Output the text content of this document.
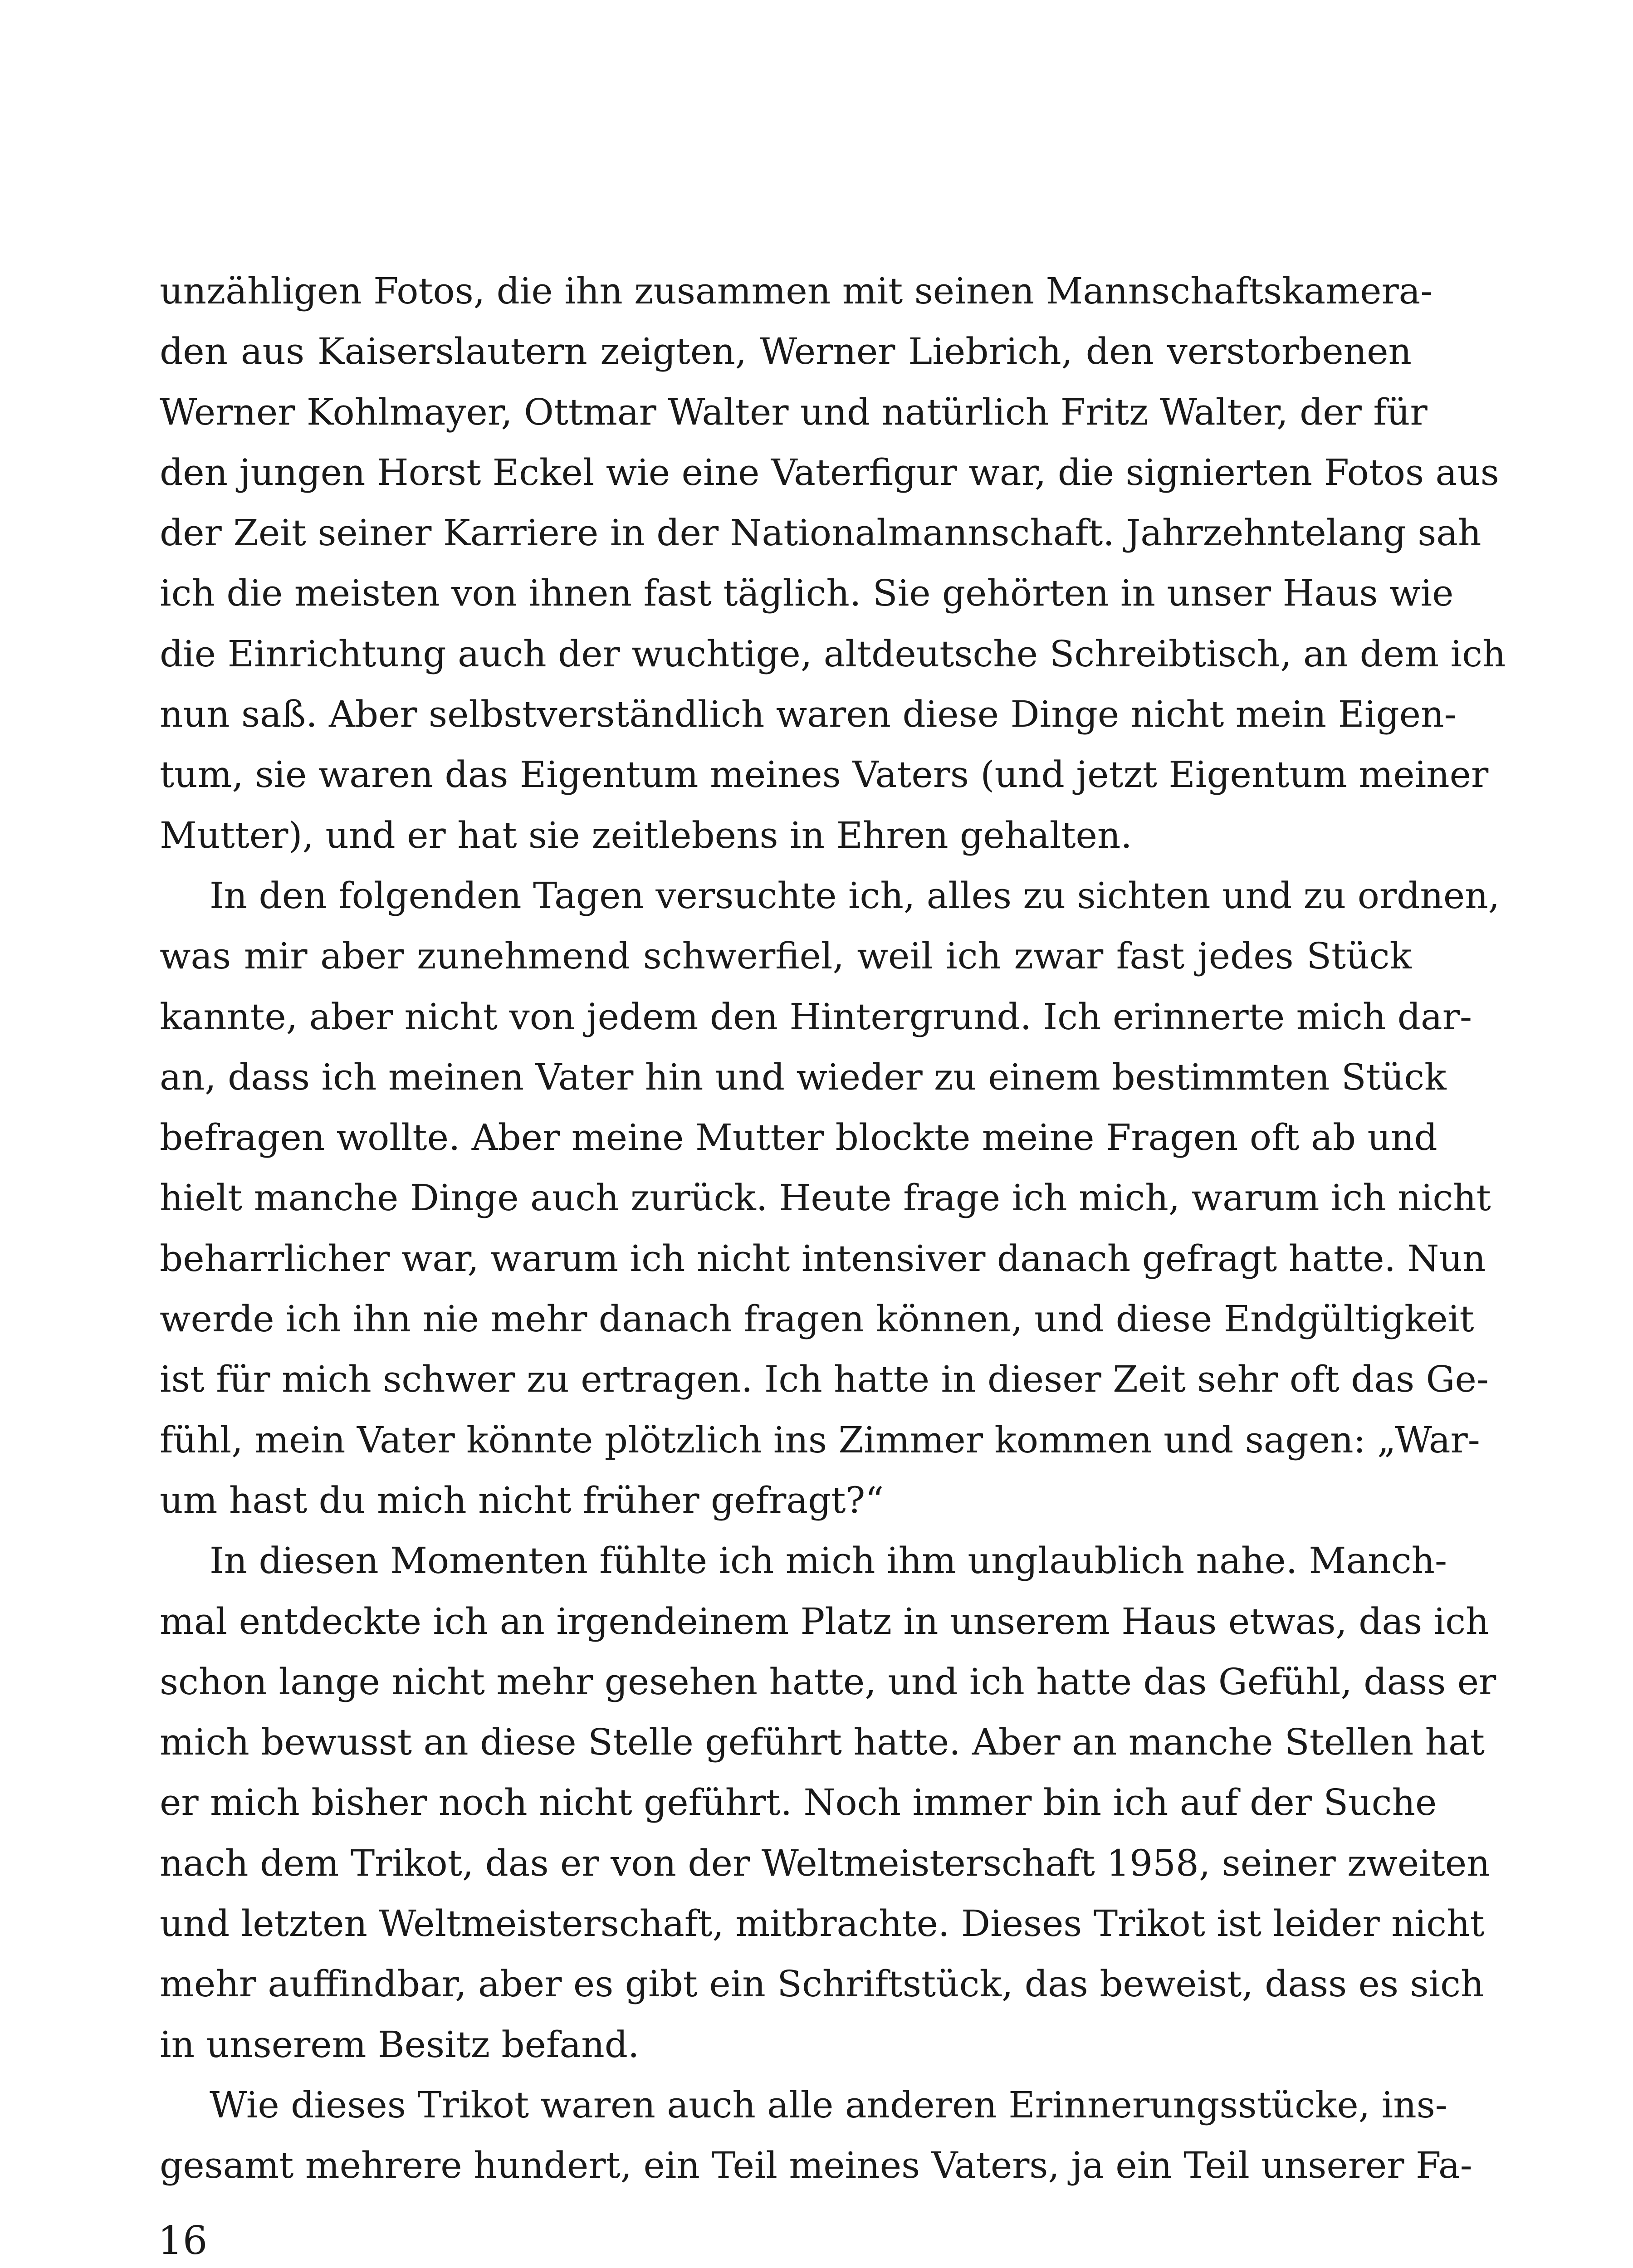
unzähligen Fotos, die ihn zusammen mit seinen Mannschaftskamera-
den aus Kaiserslautern zeigten, Werner Liebrich, den verstorbenen
Werner Kohlmayer, Ottmar Walter und natürlich Fritz Walter, der für
den jungen Horst Eckel wie eine Vaterfigur war, die signierten Fotos aus
der Zeit seiner Karriere in der Nationalmannschaft. Jahrzehntelang sah
ich die meisten von ihnen fast täglich. Sie gehörten in unser Haus wie
die Einrichtung auch der wuchtige, altdeutsche Schreibtisch, an dem ich
nun saß. Aber selbstverständlich waren diese Dinge nicht mein Eigen-
tum, sie waren das Eigentum meines Vaters (und jetzt Eigentum meiner
Mutter), und er hat sie zeitlebens in Ehren gehalten.
In den folgenden Tagen versuchte ich, alles zu sichten und zu ordnen,
was mir aber zunehmend schwerfiel, weil ich zwar fast jedes Stück
kannte, aber nicht von jedem den Hintergrund. Ich erinnerte mich dar-
an, dass ich meinen Vater hin und wieder zu einem bestimmten Stück
befragen wollte. Aber meine Mutter blockte meine Fragen oft ab und
hielt manche Dinge auch zurück. Heute frage ich mich, warum ich nicht
beharrlicher war, warum ich nicht intensiver danach gefragt hatte. Nun
werde ich ihn nie mehr danach fragen können, und diese Endgültigkeit
ist für mich schwer zu ertragen. Ich hatte in dieser Zeit sehr oft das Ge-
fühl, mein Vater könnte plötzlich ins Zimmer kommen und sagen: „War-
um hast du mich nicht früher gefragt?“
In diesen Momenten fühlte ich mich ihm unglaublich nahe. Manch-
mal entdeckte ich an irgendeinem Platz in unserem Haus etwas, das ich
schon lange nicht mehr gesehen hatte, und ich hatte das Gefühl, dass er
mich bewusst an diese Stelle geführt hatte. Aber an manche Stellen hat
er mich bisher noch nicht geführt. Noch immer bin ich auf der Suche
nach dem Trikot, das er von der Weltmeisterschaft 1958, seiner zweiten
und letzten Weltmeisterschaft, mitbrachte. Dieses Trikot ist leider nicht
mehr auffindbar, aber es gibt ein Schriftstück, das beweist, dass es sich
in unserem Besitz befand.
Wie dieses Trikot waren auch alle anderen Erinnerungsstücke, ins-
gesamt mehrere hundert, ein Teil meines Vaters, ja ein Teil unserer Fa-
16
